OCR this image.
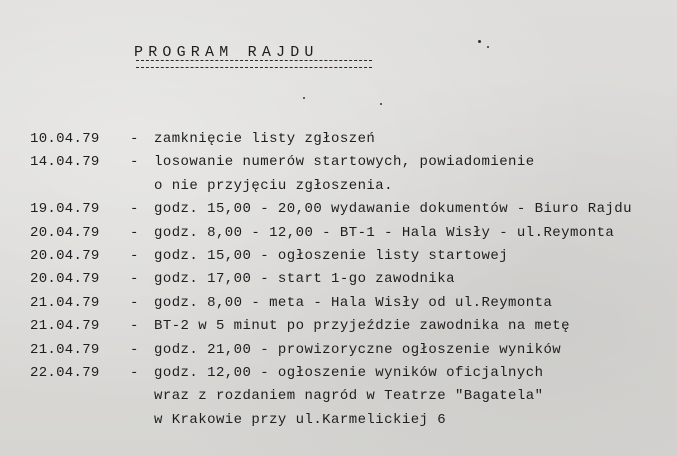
PROGRAM RAJDU
10.04.79	-	zamknięcie listy zgłoszeń
14.04.79	-	losowanie numerów startowych, powiadomienie
o nie przyjęciu zgłoszenia.
19.04.79	-	godz. 15,00 - 20,00 wydawanie dokumentów - Biuro Rajdu
20.04.79	-	godz. 8,00 - 12,00 - BT-1 - Hala Wisły - ul.Reymonta
20.04.79	-	godz. 15,00 - ogłoszenie listy startowej
20.04.79	-	godz. 17,00 - start 1-go zawodnika
21.04.79	-	godz. 8,00 - meta - Hala Wisły od ul.Reymonta
21.04.79	-	BT-2 w 5 minut po przyjeździe zawodnika na metę
21.04.79	-	godz. 21,00 - prowizoryczne ogłoszenie wyników
22.04.79	-	godz. 12,00 - ogłoszenie wyników oficjalnych
wraz z rozdaniem nagród w Teatrze "Bagatela"
w Krakowie przy ul.Karmelickiej 6
